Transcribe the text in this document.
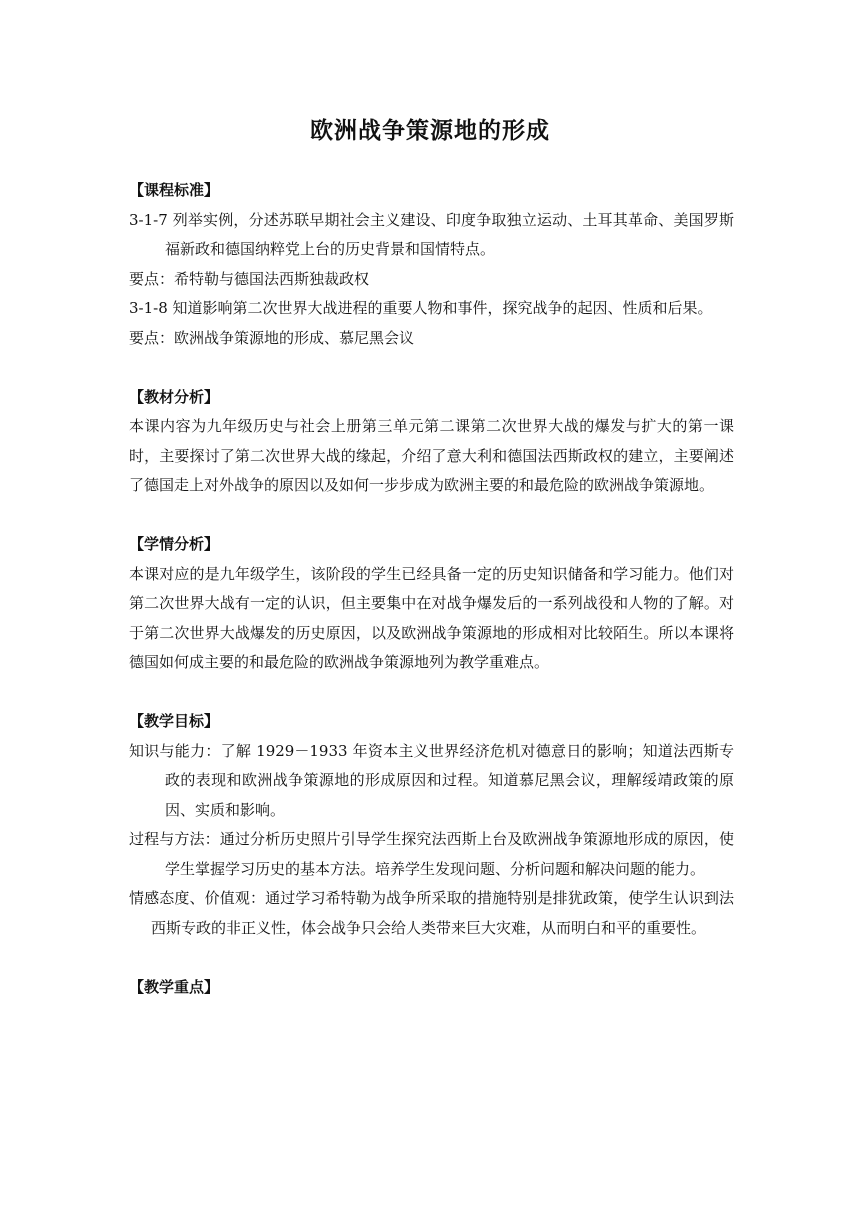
欧洲战争策源地的形成
【课程标准】

3-1-7 列举实例，分述苏联早期社会主义建设、印度争取独立运动、土耳其革命、美国罗斯福新政和德国纳粹党上台的历史背景和国情特点。

要点：希特勒与德国法西斯独裁政权

3-1-8 知道影响第二次世界大战进程的重要人物和事件，探究战争的起因、性质和后果。

要点：欧洲战争策源地的形成、慕尼黑会议

【教材分析】

本课内容为九年级历史与社会上册第三单元第二课第二次世界大战的爆发与扩大的第一课时，主要探讨了第二次世界大战的缘起，介绍了意大利和德国法西斯政权的建立，主要阐述了德国走上对外战争的原因以及如何一步步成为欧洲主要的和最危险的欧洲战争策源地。

【学情分析】

本课对应的是九年级学生，该阶段的学生已经具备一定的历史知识储备和学习能力。他们对第二次世界大战有一定的认识，但主要集中在对战争爆发后的一系列战役和人物的了解。对于第二次世界大战爆发的历史原因，以及欧洲战争策源地的形成相对比较陌生。所以本课将德国如何成主要的和最危险的欧洲战争策源地列为教学重难点。

【教学目标】

知识与能力：了解 1929－1933 年资本主义世界经济危机对德意日的影响；知道法西斯专政的表现和欧洲战争策源地的形成原因和过程。知道慕尼黑会议，理解绥靖政策的原因、实质和影响。

过程与方法：通过分析历史照片引导学生探究法西斯上台及欧洲战争策源地形成的原因，使学生掌握学习历史的基本方法。培养学生发现问题、分析问题和解决问题的能力。

情感态度、价值观：通过学习希特勒为战争所采取的措施特别是排犹政策，使学生认识到法西斯专政的非正义性，体会战争只会给人类带来巨大灾难，从而明白和平的重要性。

【教学重点】
